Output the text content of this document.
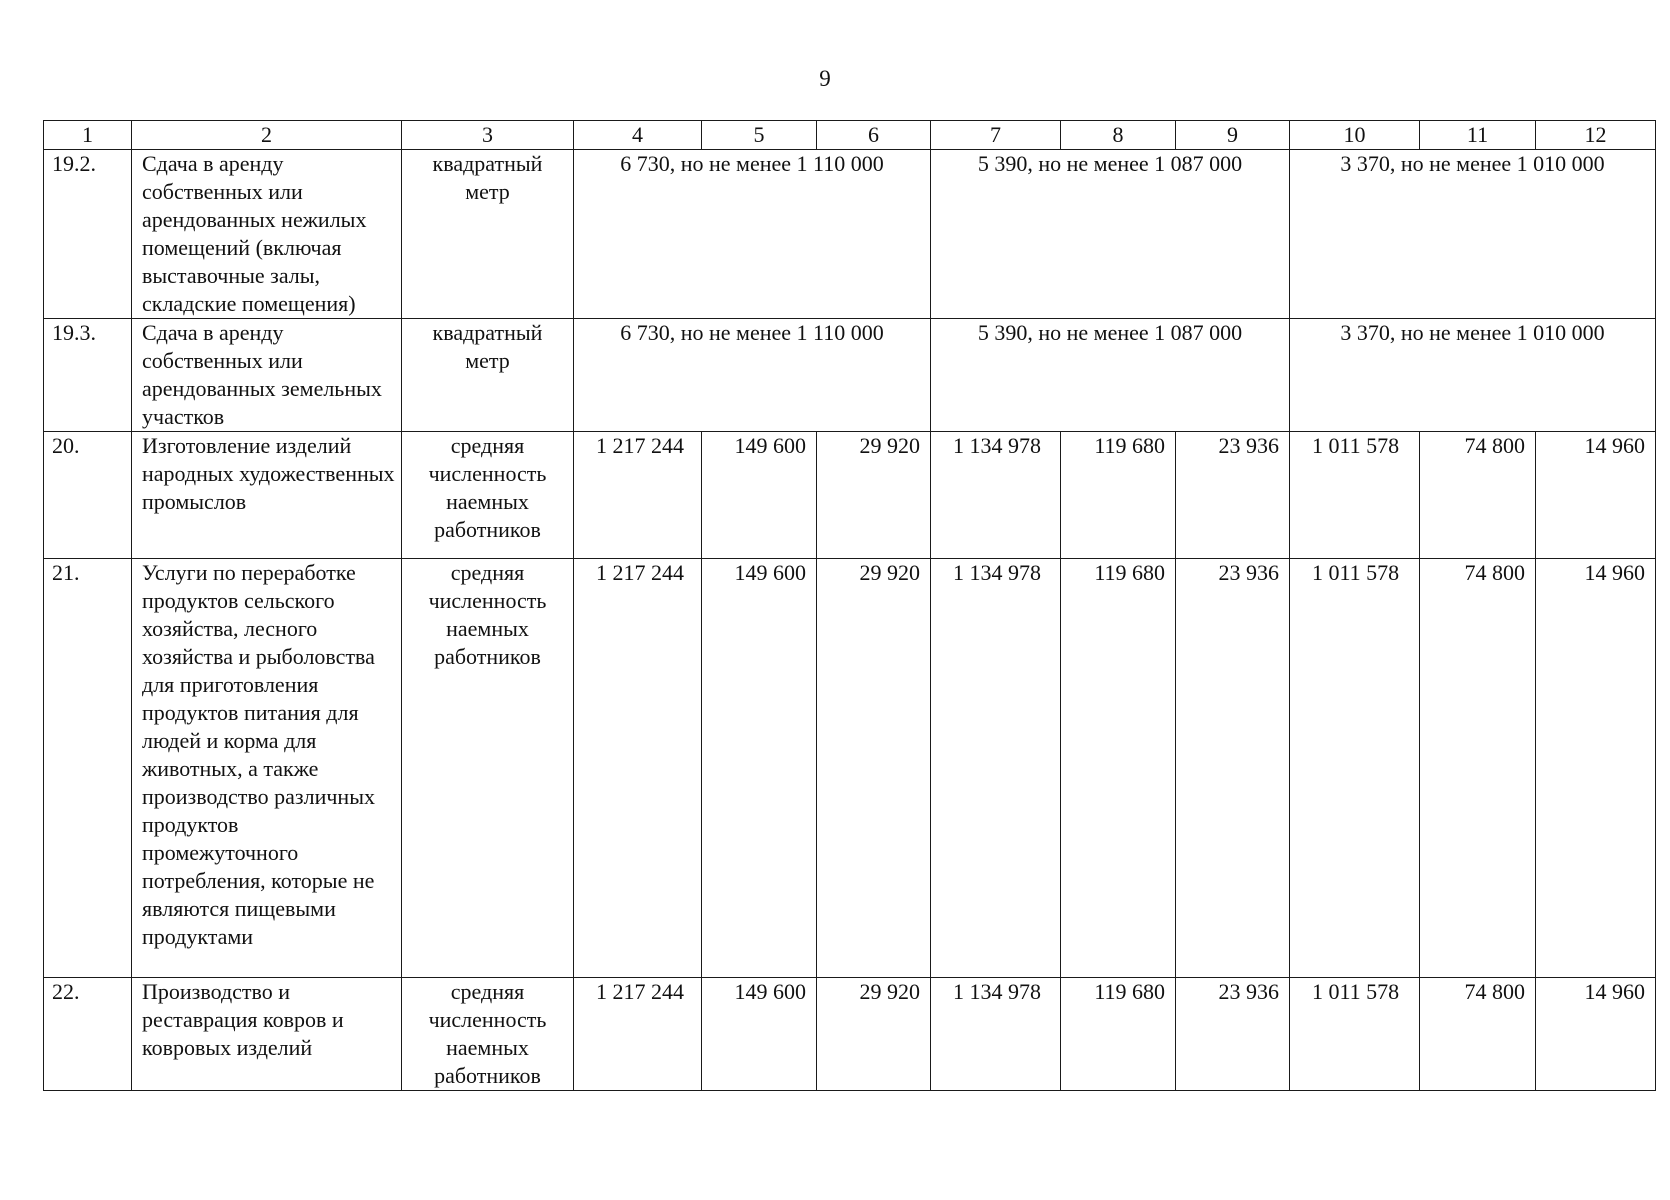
9
1	2	3	4	5	6	7	8	9	10	11	12
19.2.	Сдача в аренду собственных или арендованных нежилых помещений (включая выставочные залы, складские помещения)	квадратный метр	6 730, но не менее 1 110 000			5 390, но не менее 1 087 000			3 370, но не менее 1 010 000		
19.3.	Сдача в аренду собственных или арендованных земельных участков	квадратный метр	6 730, но не менее 1 110 000			5 390, но не менее 1 087 000			3 370, но не менее 1 010 000		
20.	Изготовление изделий народных художественных промыслов	средняя численность наемных работников	1 217 244	149 600	29 920	1 134 978	119 680	23 936	1 011 578	74 800	14 960
21.	Услуги по переработке продуктов сельского хозяйства, лесного хозяйства и рыболовства для приготовления продуктов питания для людей и корма для животных, а также производство различных продуктов промежуточного потребления, которые не являются пищевыми продуктами	средняя численность наемных работников	1 217 244	149 600	29 920	1 134 978	119 680	23 936	1 011 578	74 800	14 960
22.	Производство и реставрация ковров и ковровых изделий	средняя численность наемных работников	1 217 244	149 600	29 920	1 134 978	119 680	23 936	1 011 578	74 800	14 960
